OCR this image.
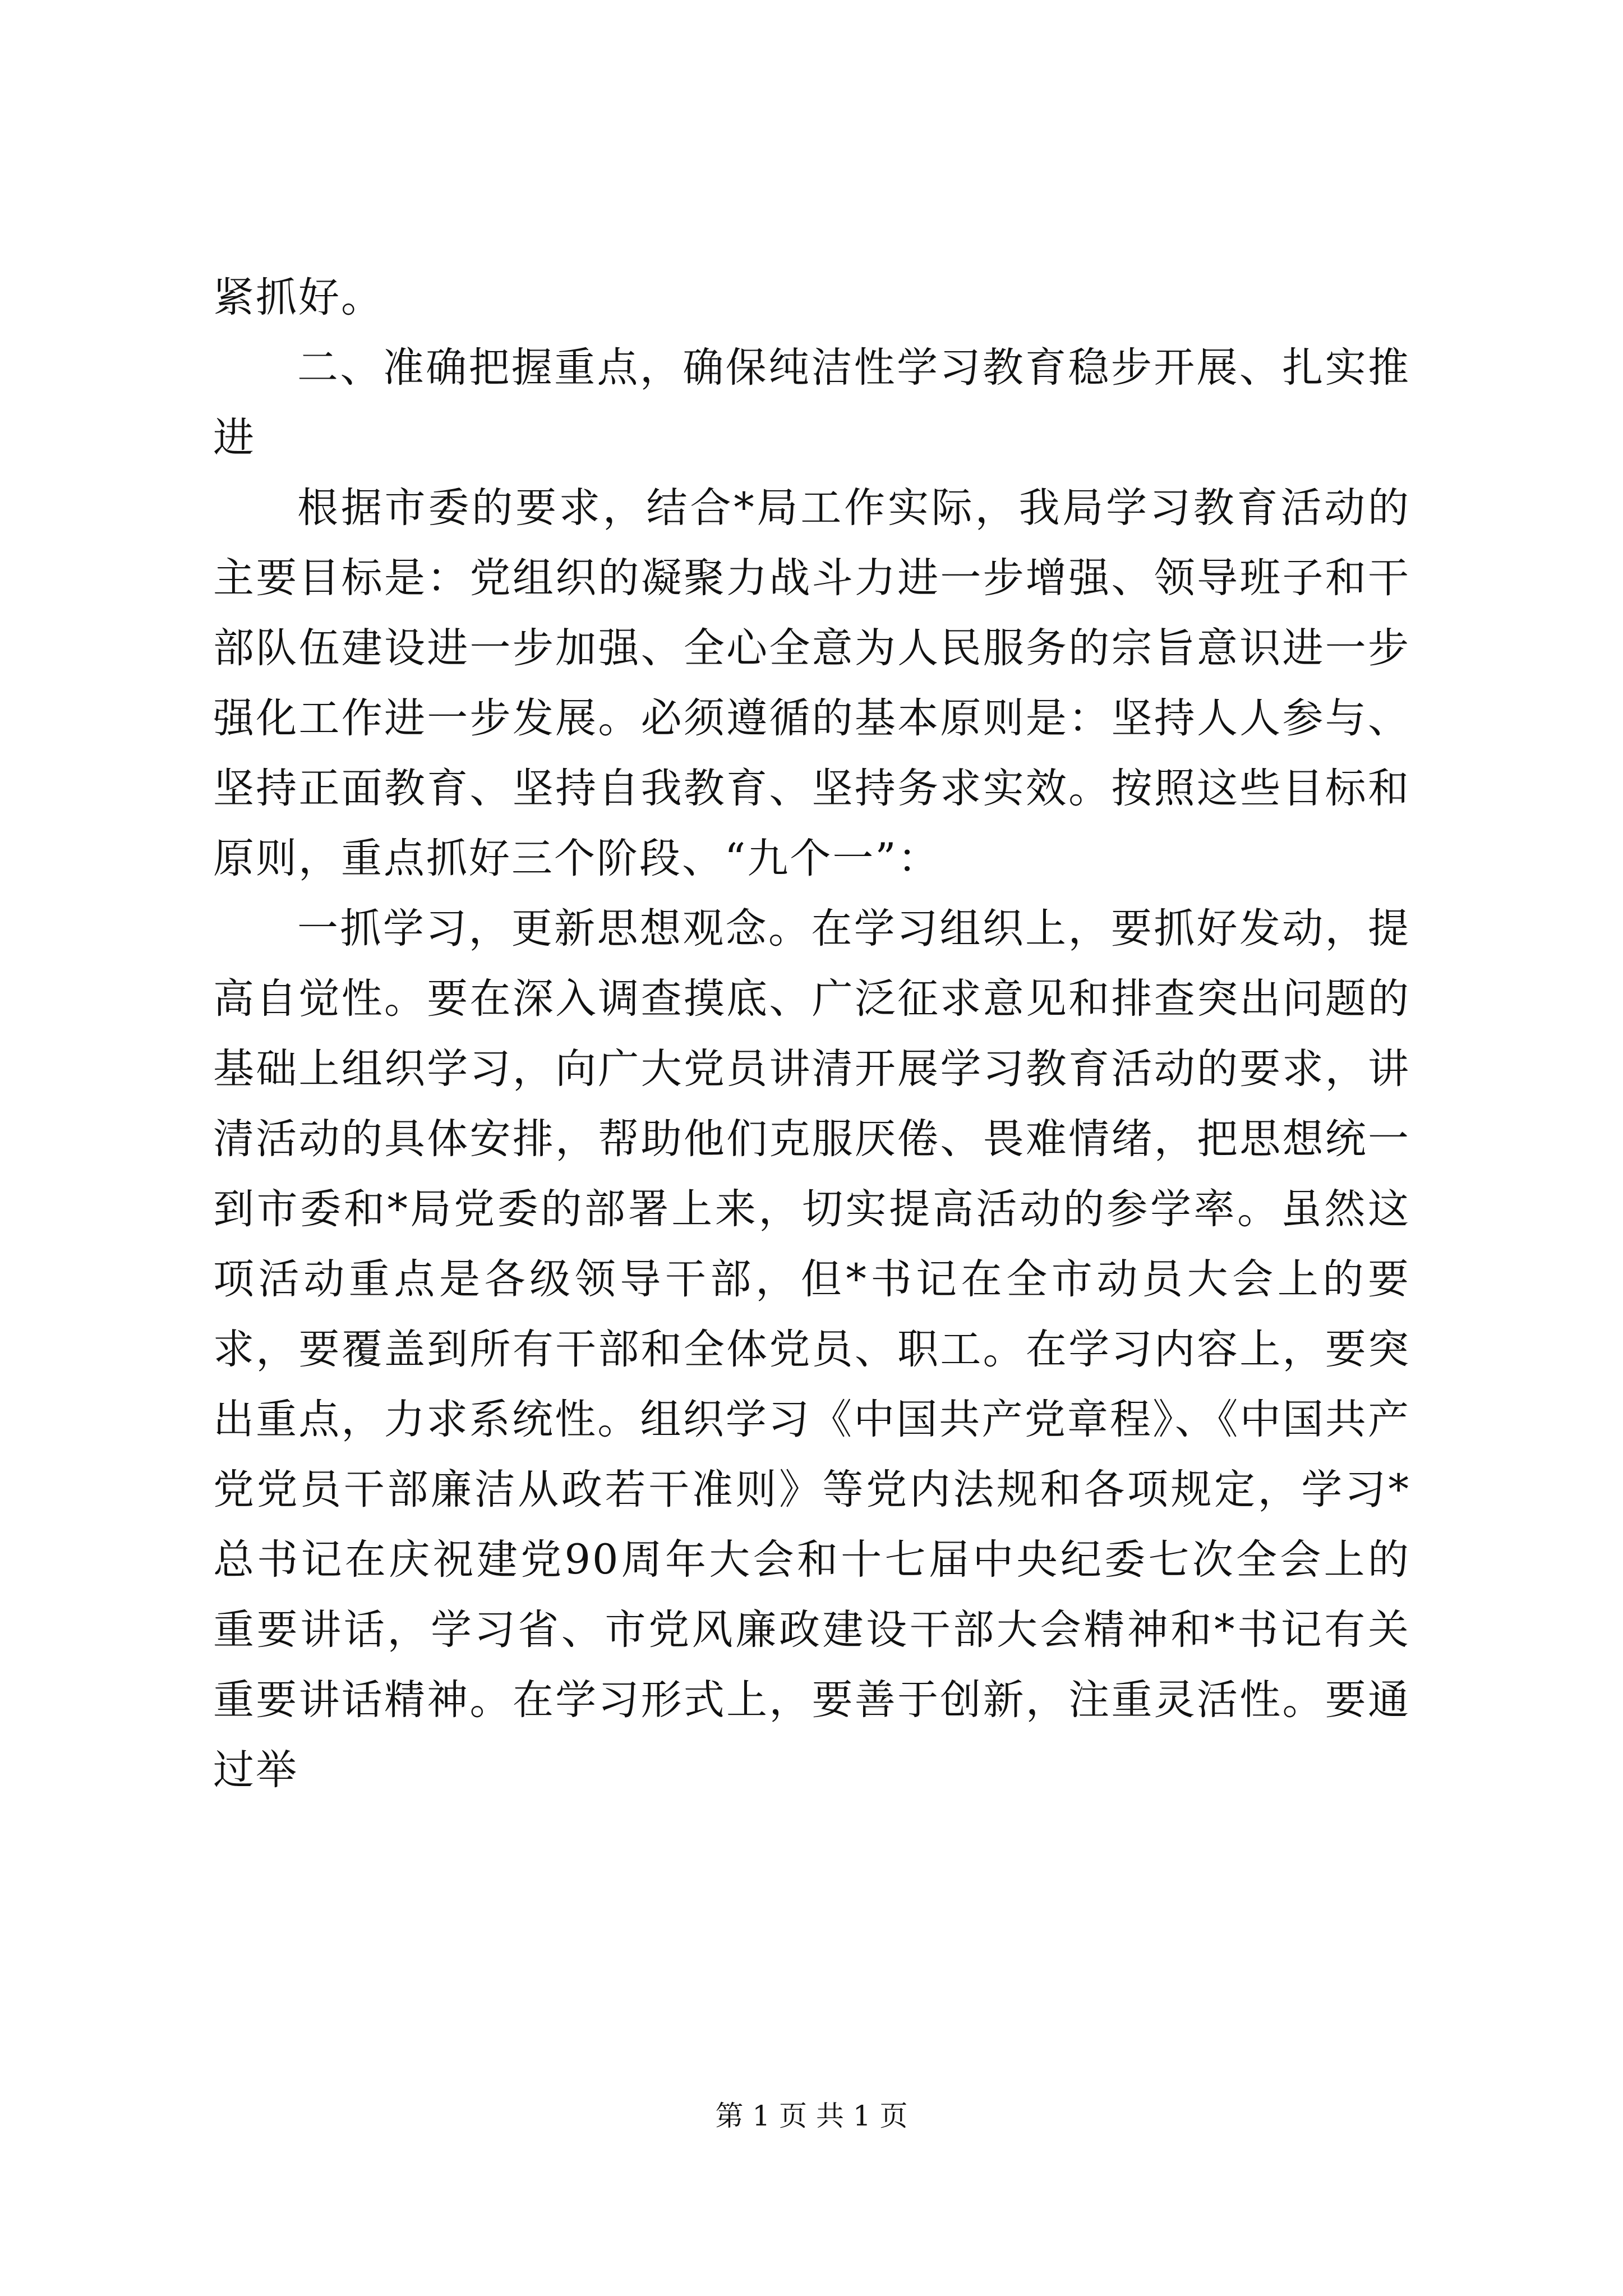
紧抓好。

二、准确把握重点，确保纯洁性学习教育稳步开展、扎实推进

根据市委的要求，结合*局工作实际，我局学习教育活动的主要目标是：党组织的凝聚力战斗力进一步增强、领导班子和干部队伍建设进一步加强、全心全意为人民服务的宗旨意识进一步强化工作进一步发展。必须遵循的基本原则是：坚持人人参与、坚持正面教育、坚持自我教育、坚持务求实效。按照这些目标和原则，重点抓好三个阶段、“九个一”：

一抓学习，更新思想观念。在学习组织上，要抓好发动，提高自觉性。要在深入调查摸底、广泛征求意见和排查突出问题的基础上组织学习，向广大党员讲清开展学习教育活动的要求，讲清活动的具体安排，帮助他们克服厌倦、畏难情绪，把思想统一到市委和*局党委的部署上来，切实提高活动的参学率。虽然这项活动重点是各级领导干部，但*书记在全市动员大会上的要求，要覆盖到所有干部和全体党员、职工。在学习内容上，要突出重点，力求系统性。组织学习《中国共产党章程》、《中国共产党党员干部廉洁从政若干准则》等党内法规和各项规定，学习*总书记在庆祝建党90周年大会和十七届中央纪委七次全会上的重要讲话，学习省、市党风廉政建设干部大会精神和*书记有关重要讲话精神。在学习形式上，要善于创新，注重灵活性。要通过举

第 1 页 共 1 页
